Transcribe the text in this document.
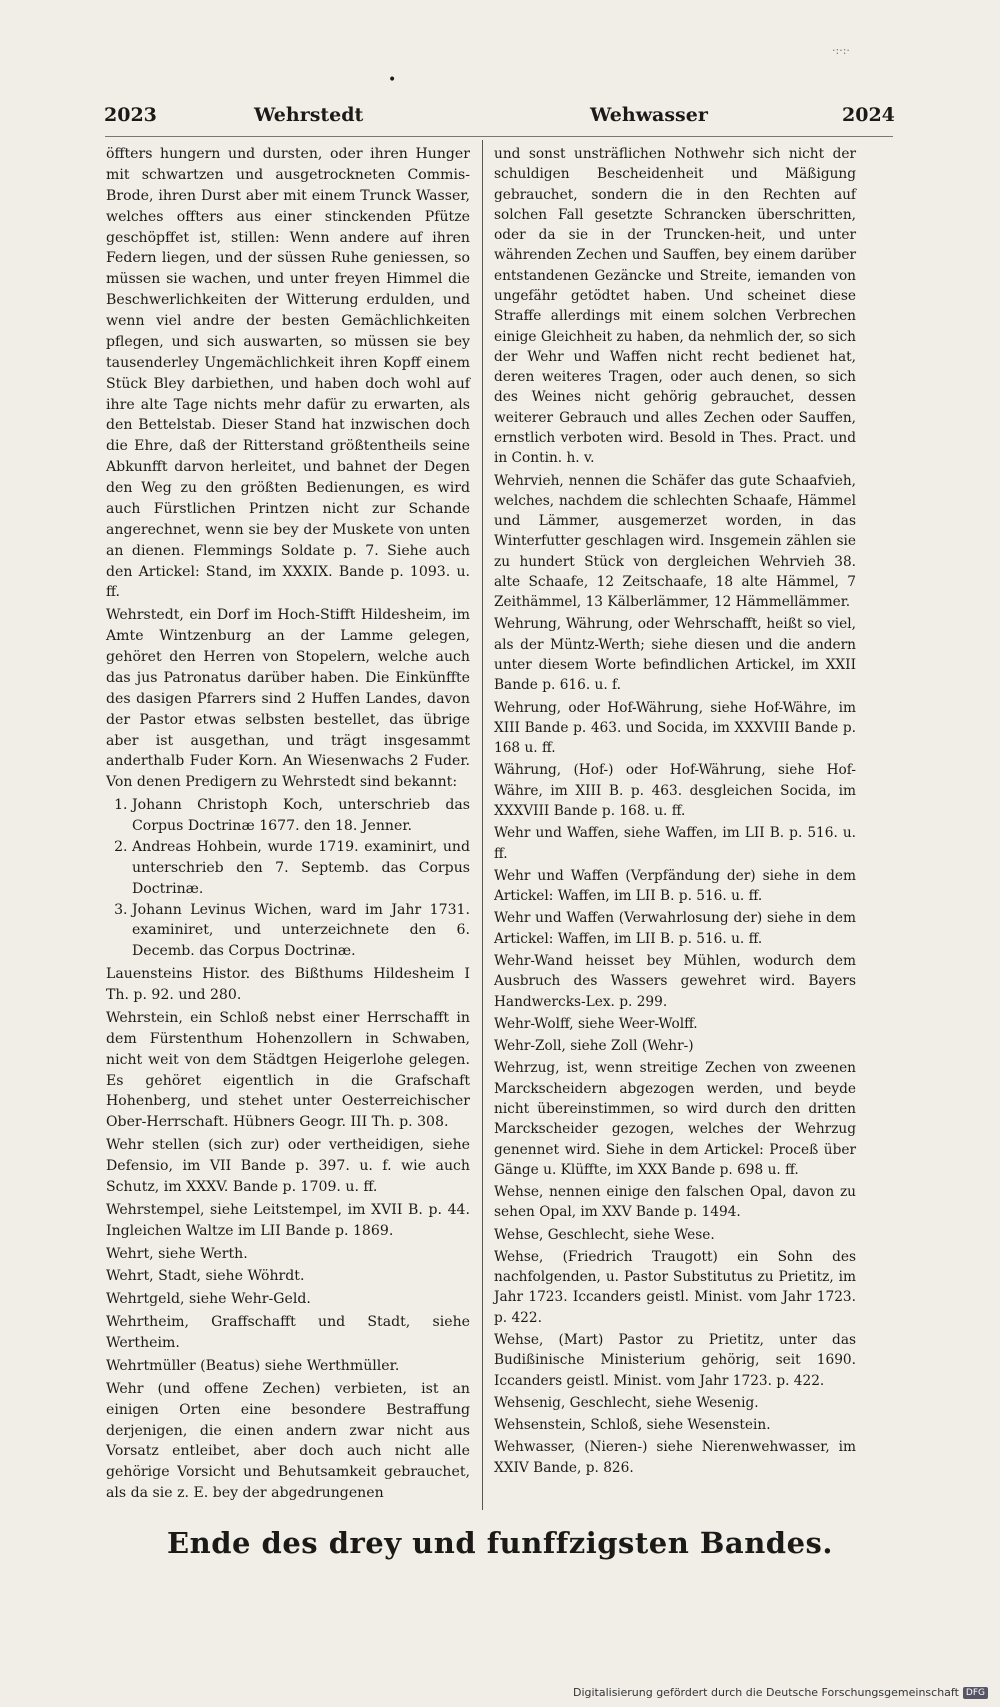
·:·:·
•
2023	Wehrstedt	Wehwasser	2024

öffters hungern und dursten, oder ihren Hunger mit schwartzen und ausgetrockneten Commis-Brode, ihren Durst aber mit einem Trunck Wasser, welches offters aus einer stinckenden Pfütze geschöpffet ist, stillen: Wenn andere auf ihren Federn liegen, und der süssen Ruhe geniessen, so müssen sie wachen, und unter freyen Himmel die Beschwerlichkeiten der Witterung erdulden, und wenn viel andre der besten Gemächlichkeiten pflegen, und sich auswarten, so müssen sie bey tausenderley Ungemächlichkeit ihren Kopff einem Stück Bley darbiethen, und haben doch wohl auf ihre alte Tage nichts mehr dafür zu erwarten, als den Bettelstab. Dieser Stand hat inzwischen doch die Ehre, daß der Ritterstand größtentheils seine Abkunfft darvon herleitet, und bahnet der Degen den Weg zu den größten Bedienungen, es wird auch Fürstlichen Printzen nicht zur Schande angerechnet, wenn sie bey der Muskete von unten an dienen. Flemmings Soldate p. 7. Siehe auch den Artickel: Stand, im XXXIX. Bande p. 1093. u. ff.

Wehrstedt, ein Dorf im Hoch-Stifft Hildesheim, im Amte Wintzenburg an der Lamme gelegen, gehöret den Herren von Stopelern, welche auch das jus Patronatus darüber haben. Die Einkünffte des dasigen Pfarrers sind 2 Huffen Landes, davon der Pastor etwas selbsten bestellet, das übrige aber ist ausgethan, und trägt insgesammt anderthalb Fuder Korn. An Wiesenwachs 2 Fuder. Von denen Predigern zu Wehrstedt sind bekannt:

1. Johann Christoph Koch, unterschrieb das Corpus Doctrinæ 1677. den 18. Jenner.
2. Andreas Hohbein, wurde 1719. examinirt, und unterschrieb den 7. Septemb. das Corpus Doctrinæ.
3. Johann Levinus Wichen, ward im Jahr 1731. examiniret, und unterzeichnete den 6. Decemb. das Corpus Doctrinæ.

Lauensteins Histor. des Bißthums Hildesheim I Th. p. 92. und 280.

Wehrstein, ein Schloß nebst einer Herrschafft in dem Fürstenthum Hohenzollern in Schwaben, nicht weit von dem Städtgen Heigerlohe gelegen. Es gehöret eigentlich in die Grafschaft Hohenberg, und stehet unter Oesterreichischer Ober-Herrschaft. Hübners Geogr. III Th. p. 308.

Wehr stellen (sich zur) oder vertheidigen, siehe Defensio, im VII Bande p. 397. u. f. wie auch Schutz, im XXXV. Bande p. 1709. u. ff.

Wehrstempel, siehe Leitstempel, im XVII B. p. 44. Ingleichen Waltze im LII Bande p. 1869.

Wehrt, siehe Werth.

Wehrt, Stadt, siehe Wöhrdt.

Wehrtgeld, siehe Wehr-Geld.

Wehrtheim, Graffschafft und Stadt, siehe Wertheim.

Wehrtmüller (Beatus) siehe Werthmüller.

Wehr (und offene Zechen) verbieten, ist an einigen Orten eine besondere Bestraffung derjenigen, die einen andern zwar nicht aus Vorsatz entleibet, aber doch auch nicht alle gehörige Vorsicht und Behutsamkeit gebrauchet, als da sie z. E. bey der abgedrungenen

und sonst unsträflichen Nothwehr sich nicht der schuldigen Bescheidenheit und Mäßigung gebrauchet, sondern die in den Rechten auf solchen Fall gesetzte Schrancken überschritten, oder da sie in der Truncken-heit, und unter währenden Zechen und Sauffen, bey einem darüber entstandenen Gezäncke und Streite, iemanden von ungefähr getödtet haben. Und scheinet diese Straffe allerdings mit einem solchen Verbrechen einige Gleichheit zu haben, da nehmlich der, so sich der Wehr und Waffen nicht recht bedienet hat, deren weiteres Tragen, oder auch denen, so sich des Weines nicht gehörig gebrauchet, dessen weiterer Gebrauch und alles Zechen oder Sauffen, ernstlich verboten wird. Besold in Thes. Pract. und in Contin. h. v.

Wehrvieh, nennen die Schäfer das gute Schaafvieh, welches, nachdem die schlechten Schaafe, Hämmel und Lämmer, ausgemerzet worden, in das Winterfutter geschlagen wird. Insgemein zählen sie zu hundert Stück von dergleichen Wehrvieh 38. alte Schaafe, 12 Zeitschaafe, 18 alte Hämmel, 7 Zeithämmel, 13 Kälberlämmer, 12 Hämmellämmer.

Wehrung, Währung, oder Wehrschafft, heißt so viel, als der Müntz-Werth; siehe diesen und die andern unter diesem Worte befindlichen Artickel, im XXII Bande p. 616. u. f.

Wehrung, oder Hof-Währung, siehe Hof-Währe, im XIII Bande p. 463. und Socida, im XXXVIII Bande p. 168 u. ff.

Währung, (Hof-) oder Hof-Währung, siehe Hof-Währe, im XIII B. p. 463. desgleichen Socida, im XXXVIII Bande p. 168. u. ff.

Wehr und Waffen, siehe Waffen, im LII B. p. 516. u. ff.

Wehr und Waffen (Verpfändung der) siehe in dem Artickel: Waffen, im LII B. p. 516. u. ff.

Wehr und Waffen (Verwahrlosung der) siehe in dem Artickel: Waffen, im LII B. p. 516. u. ff.

Wehr-Wand heisset bey Mühlen, wodurch dem Ausbruch des Wassers gewehret wird. Bayers Handwercks-Lex. p. 299.

Wehr-Wolff, siehe Weer-Wolff.

Wehr-Zoll, siehe Zoll (Wehr-)

Wehrzug, ist, wenn streitige Zechen von zweenen Marckscheidern abgezogen werden, und beyde nicht übereinstimmen, so wird durch den dritten Marckscheider gezogen, welches der Wehrzug genennet wird. Siehe in dem Artickel: Proceß über Gänge u. Klüffte, im XXX Bande p. 698 u. ff.

Wehse, nennen einige den falschen Opal, davon zu sehen Opal, im XXV Bande p. 1494.

Wehse, Geschlecht, siehe Wese.

Wehse, (Friedrich Traugott) ein Sohn des nachfolgenden, u. Pastor Substitutus zu Prietitz, im Jahr 1723. Iccanders geistl. Minist. vom Jahr 1723. p. 422.

Wehse, (Mart) Pastor zu Prietitz, unter das Budißinische Ministerium gehörig, seit 1690. Iccanders geistl. Minist. vom Jahr 1723. p. 422.

Wehsenig, Geschlecht, siehe Wesenig.

Wehsenstein, Schloß, siehe Wesenstein.

Wehwasser, (Nieren-) siehe Nierenwehwasser, im XXIV Bande, p. 826.

Ende des drey und funffzigsten Bandes.
Digitalisierung gefördert durch die Deutsche Forschungsgemeinschaft DFG
